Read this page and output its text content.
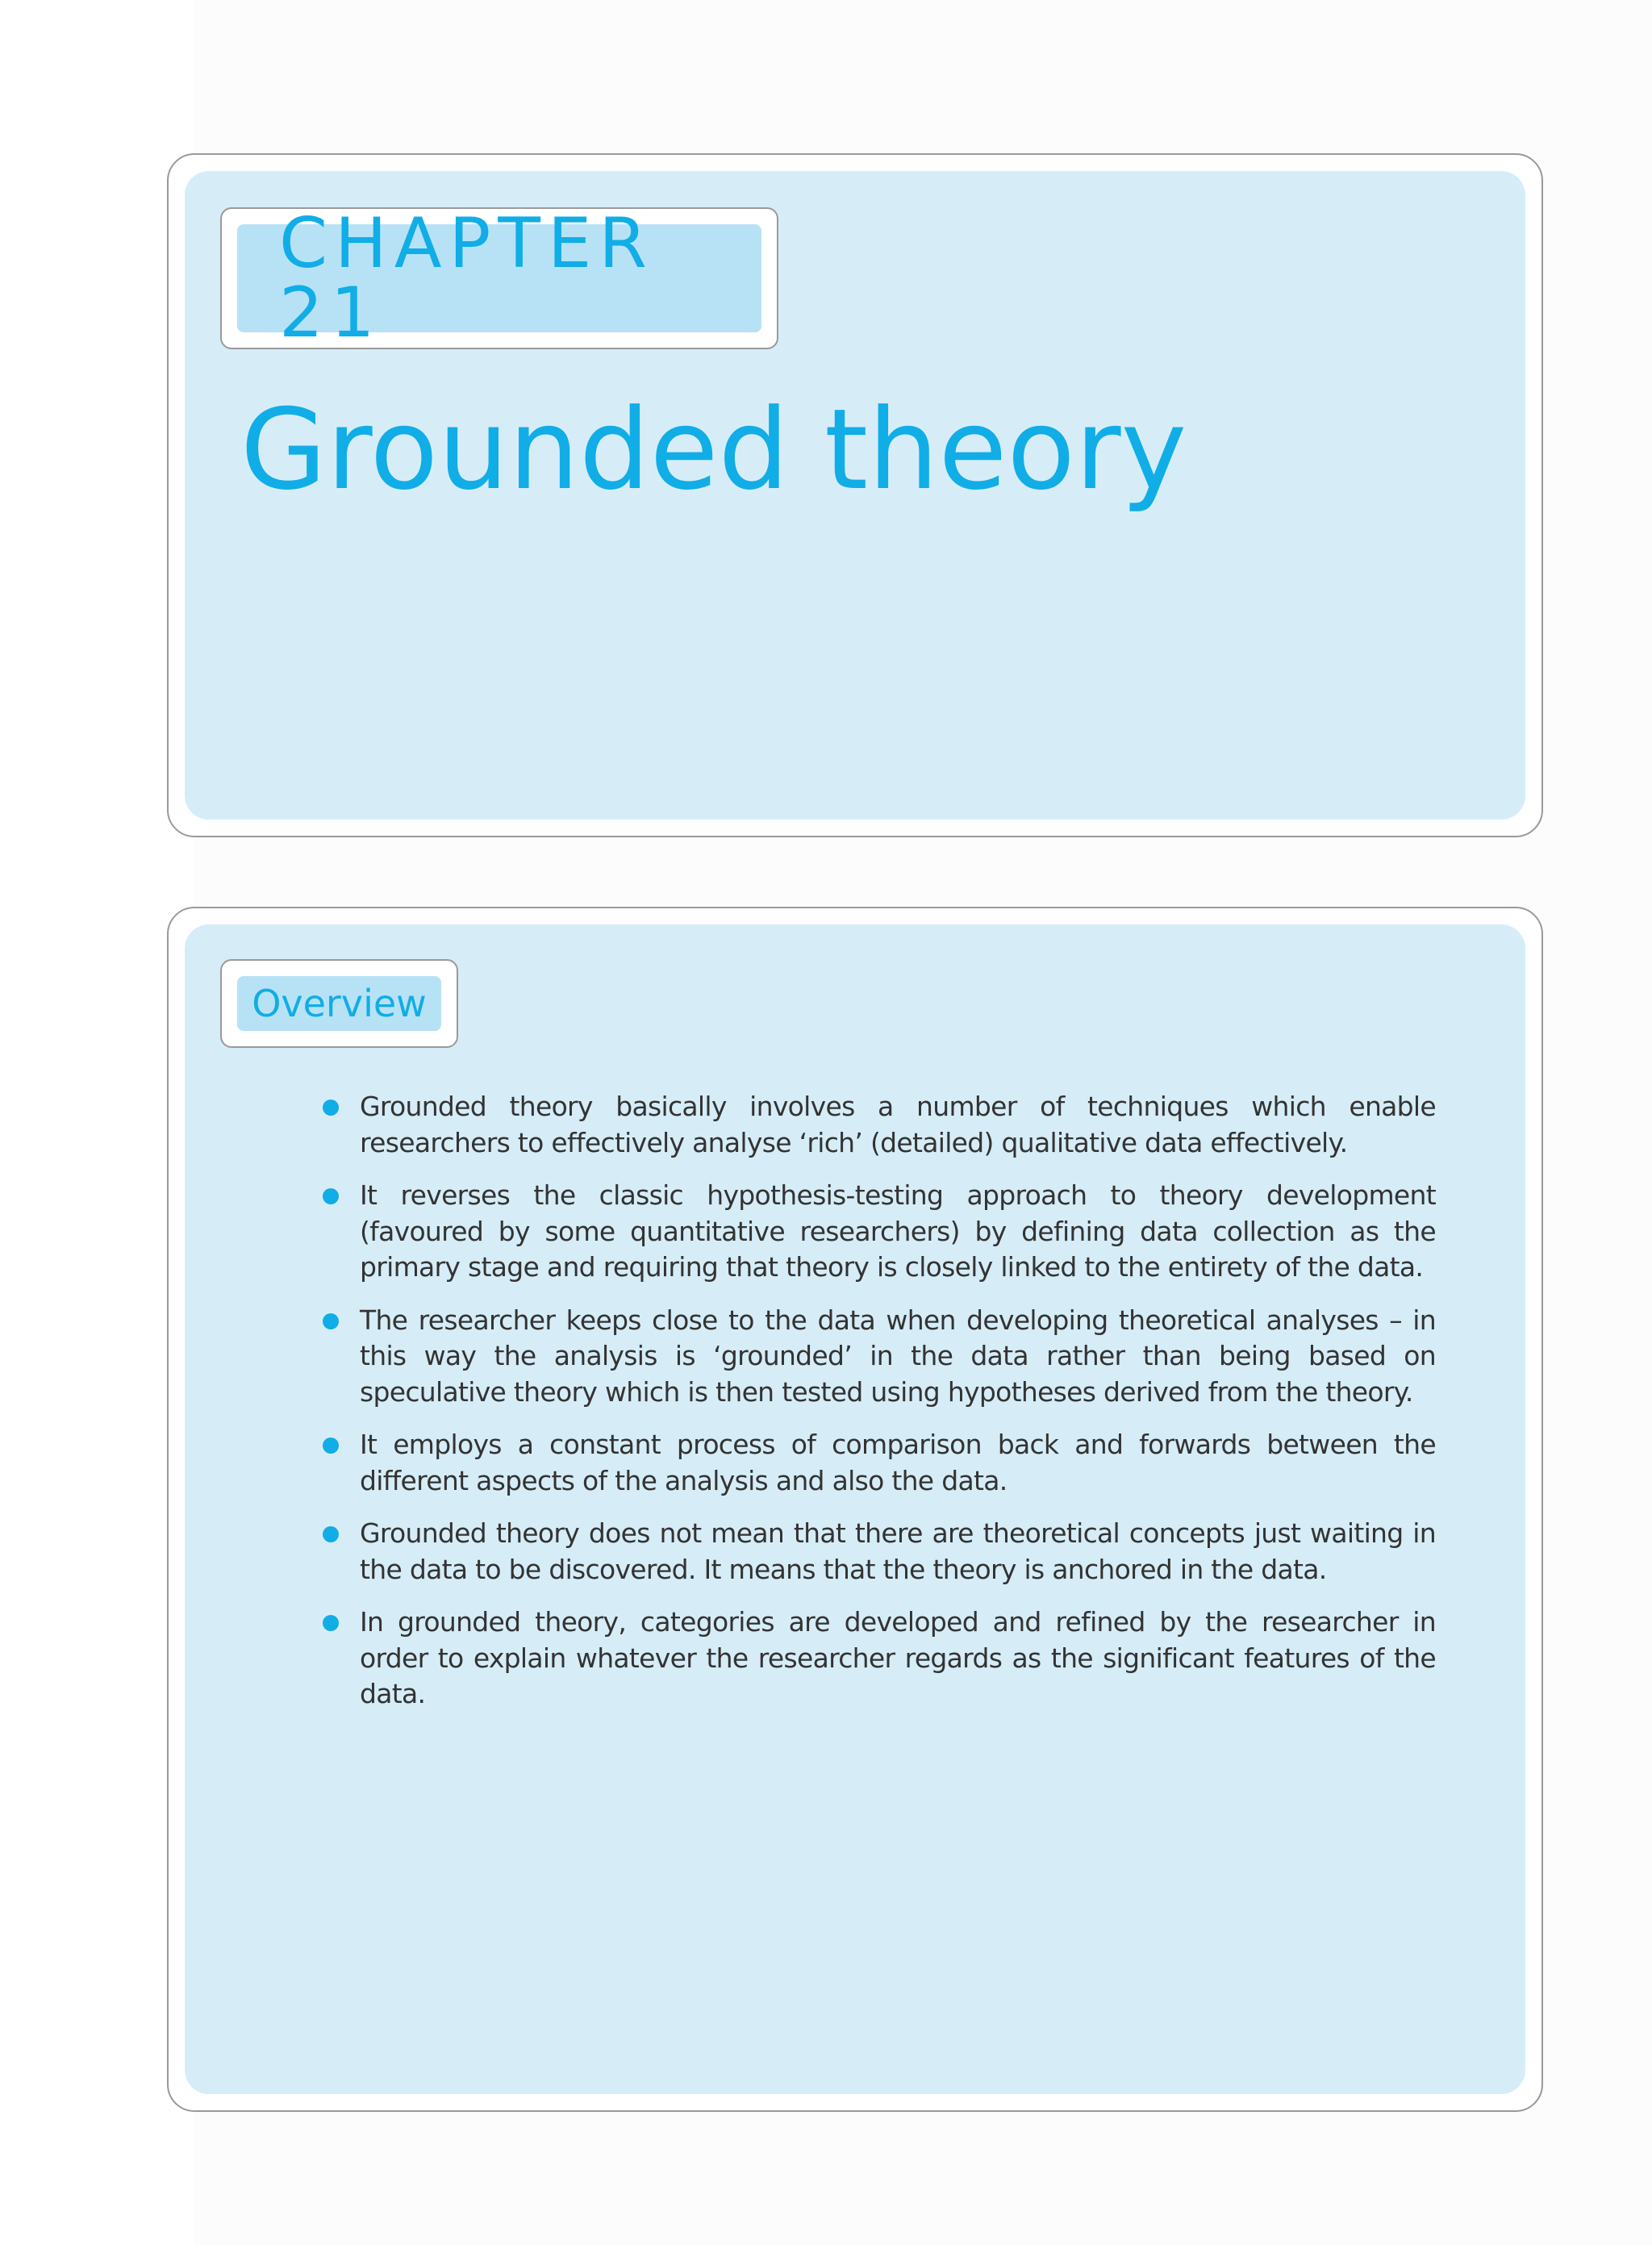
CHAPTER 21
Grounded theory
Overview
Grounded theory basically involves a number of techniques which enable researchers to effectively analyse ‘rich’ (detailed) qualitative data effectively.
It reverses the classic hypothesis-testing approach to theory development (favoured by some quantitative researchers) by defining data collection as the primary stage and requiring that theory is closely linked to the entirety of the data.
The researcher keeps close to the data when developing theoretical analyses – in this way the analysis is ‘grounded’ in the data rather than being based on speculative theory which is then tested using hypotheses derived from the theory.
It employs a constant process of comparison back and forwards between the different aspects of the analysis and also the data.
Grounded theory does not mean that there are theoretical concepts just waiting in the data to be discovered. It means that the theory is anchored in the data.
In grounded theory, categories are developed and refined by the researcher in order to explain whatever the researcher regards as the significant features of the data.
